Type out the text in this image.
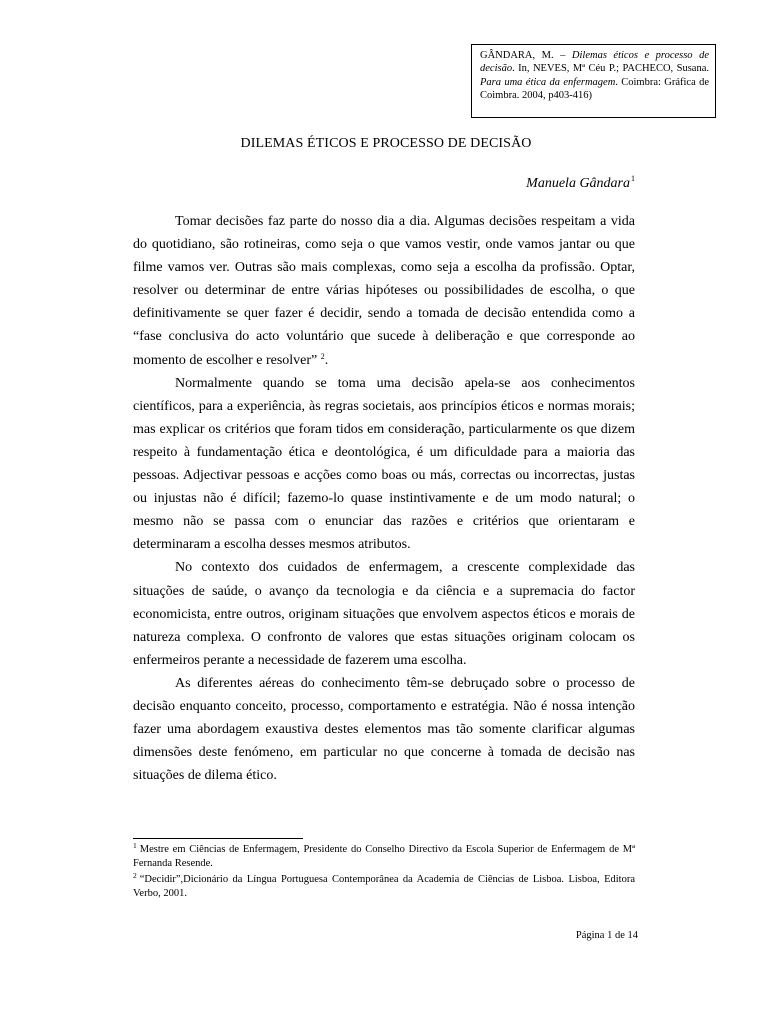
GÂNDARA, M. – Dilemas éticos e processo de decisão. In, NEVES, Mª Céu P.; PACHECO, Susana. Para uma ética da enfermagem. Coimbra: Gráfica de Coimbra. 2004, p403-416)
DILEMAS ÉTICOS E PROCESSO DE DECISÃO
Manuela Gândara$^1$

Tomar decisões faz parte do nosso dia a dia. Algumas decisões respeitam a vida do quotidiano, são rotineiras, como seja o que vamos vestir, onde vamos jantar ou que filme vamos ver. Outras são mais complexas, como seja a escolha da profissão. Optar, resolver ou determinar de entre várias hipóteses ou possibilidades de escolha, o que definitivamente se quer fazer é decidir, sendo a tomada de decisão entendida como a “fase conclusiva do acto voluntário que sucede à deliberação e que corresponde ao momento de escolher e resolver” $^2$.

Normalmente quando se toma uma decisão apela-se aos conhecimentos científicos, para a experiência, às regras societais, aos princípios éticos e normas morais; mas explicar os critérios que foram tidos em consideração, particularmente os que dizem respeito à fundamentação ética e deontológica, é um dificuldade para a maioria das pessoas. Adjectivar pessoas e acções como boas ou más, correctas ou incorrectas, justas ou injustas não é difícil; fazemo-lo quase instintivamente e de um modo natural; o mesmo não se passa com o enunciar das razões e critérios que orientaram e determinaram a escolha desses mesmos atributos.

No contexto dos cuidados de enfermagem, a crescente complexidade das situações de saúde, o avanço da tecnologia e da ciência e a supremacia do factor economicista, entre outros, originam situações que envolvem aspectos éticos e morais de natureza complexa. O confronto de valores que estas situações originam colocam os enfermeiros perante a necessidade de fazerem uma escolha.

As diferentes aéreas do conhecimento têm-se debruçado sobre o processo de decisão enquanto conceito, processo, comportamento e estratégia. Não é nossa intenção fazer uma abordagem exaustiva destes elementos mas tão somente clarificar algumas dimensões deste fenómeno, em particular no que concerne à tomada de decisão nas situações de dilema ético.

$^1$ Mestre em Ciências de Enfermagem, Presidente do Conselho Directivo da Escola Superior de Enfermagem de Mª Fernanda Resende.

$^2$ “Decidir”,Dicionário da Língua Portuguesa Contemporânea da Academia de Ciências de Lisboa. Lisboa, Editora Verbo, 2001.

Página 1 de 14
